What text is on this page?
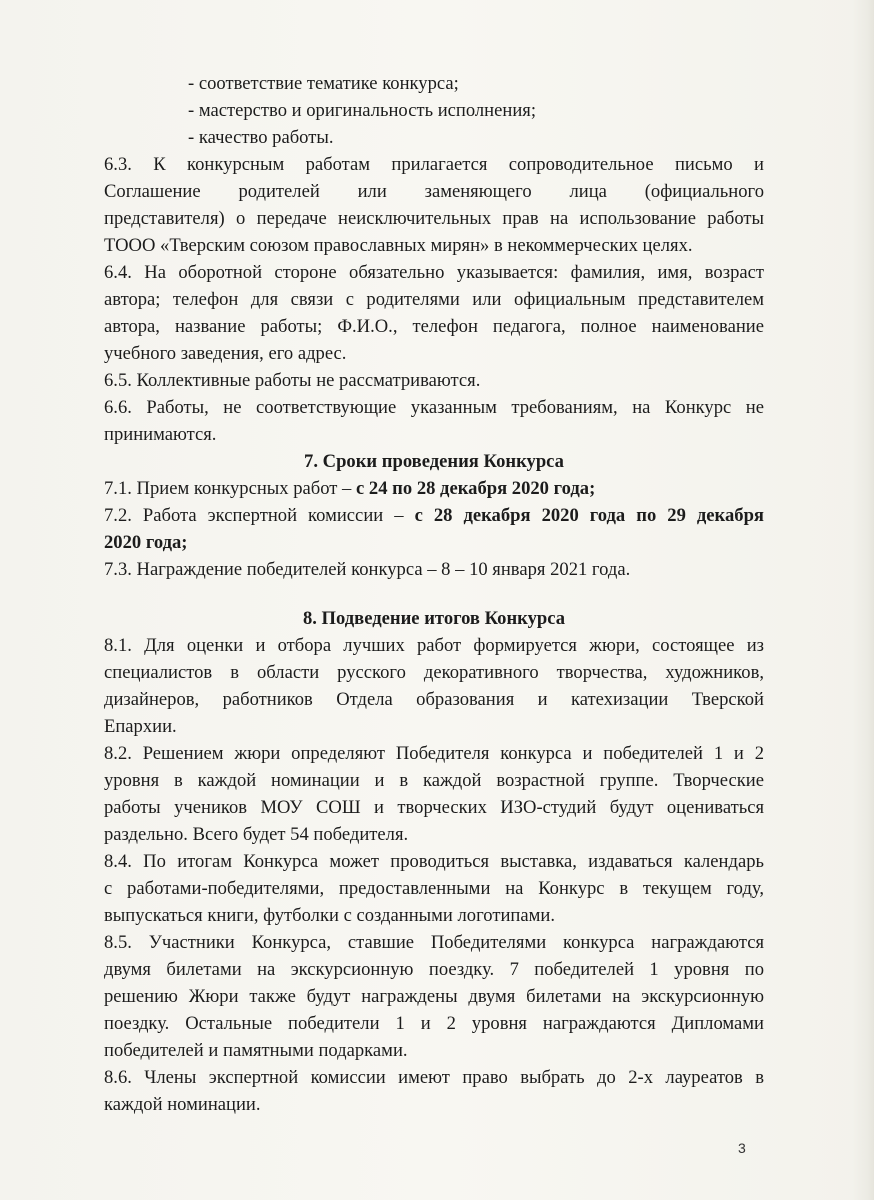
- соответствие тематике конкурса;
- мастерство и оригинальность исполнения;
- качество работы.
6.3. К конкурсным работам прилагается сопроводительное письмо и
Соглашение родителей или заменяющего лица (официального
представителя) о передаче неисключительных прав на использование работы
ТООО «Тверским союзом православных мирян» в некоммерческих целях.
6.4. На оборотной стороне обязательно указывается: фамилия, имя, возраст
автора; телефон для связи с родителями или официальным представителем
автора, название работы; Ф.И.О., телефон педагога, полное наименование
учебного заведения, его адрес.
6.5. Коллективные работы не рассматриваются.
6.6. Работы, не соответствующие указанным требованиям, на Конкурс не
принимаются.
7. Сроки проведения Конкурса
7.1. Прием конкурсных работ – с 24 по 28 декабря 2020 года;
7.2. Работа экспертной комиссии – с 28 декабря 2020 года по 29 декабря
2020 года;
7.3. Награждение победителей конкурса – 8 – 10 января 2021 года.
8. Подведение итогов Конкурса
8.1. Для оценки и отбора лучших работ формируется жюри, состоящее из
специалистов в области русского декоративного творчества, художников,
дизайнеров, работников Отдела образования и катехизации Тверской
Епархии.
8.2. Решением жюри определяют Победителя конкурса и победителей 1 и 2
уровня в каждой номинации и в каждой возрастной группе. Творческие
работы учеников МОУ СОШ и творческих ИЗО-студий будут оцениваться
раздельно. Всего будет 54 победителя.
8.4. По итогам Конкурса может проводиться выставка, издаваться календарь
с работами-победителями, предоставленными на Конкурс в текущем году,
выпускаться книги, футболки с созданными логотипами.
8.5. Участники Конкурса, ставшие Победителями конкурса награждаются
двумя билетами на экскурсионную поездку. 7 победителей 1 уровня по
решению Жюри также будут награждены двумя билетами на экскурсионную
поездку. Остальные победители 1 и 2 уровня награждаются Дипломами
победителей и памятными подарками.
8.6. Члены экспертной комиссии имеют право выбрать до 2-х лауреатов в
каждой номинации.
3
